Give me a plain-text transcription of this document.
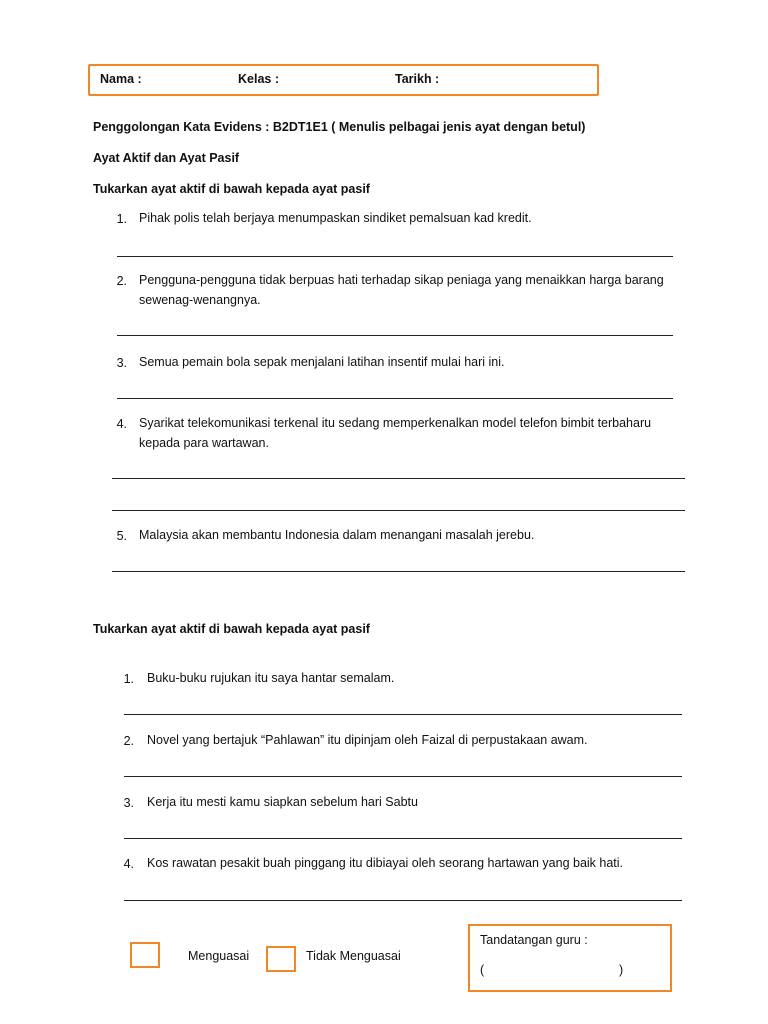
Nama :	Kelas :	Tarikh :
Penggolongan Kata Evidens : B2DT1E1 ( Menulis pelbagai jenis ayat dengan betul)
Ayat Aktif dan Ayat Pasif
Tukarkan ayat aktif di bawah kepada ayat pasif
1. Pihak polis telah berjaya menumpaskan sindiket pemalsuan kad kredit.
2. Pengguna-pengguna tidak berpuas hati terhadap sikap peniaga yang menaikkan harga barang sewenag-wenangnya.
3. Semua pemain bola sepak menjalani latihan insentif mulai hari ini.
4. Syarikat telekomunikasi terkenal itu sedang memperkenalkan model telefon bimbit terbaharu kepada para wartawan.
5. Malaysia akan membantu Indonesia dalam menangani masalah jerebu.
Tukarkan ayat aktif di bawah kepada ayat pasif
1. Buku-buku rujukan itu saya hantar semalam.
2. Novel yang bertajuk “Pahlawan” itu dipinjam oleh Faizal di perpustakaan awam.
3. Kerja itu mesti kamu siapkan sebelum hari Sabtu
4. Kos rawatan pesakit buah pinggang itu dibiayai oleh seorang hartawan yang baik hati.
Menguasai	Tidak Menguasai
Tandatangan guru :
(	)
